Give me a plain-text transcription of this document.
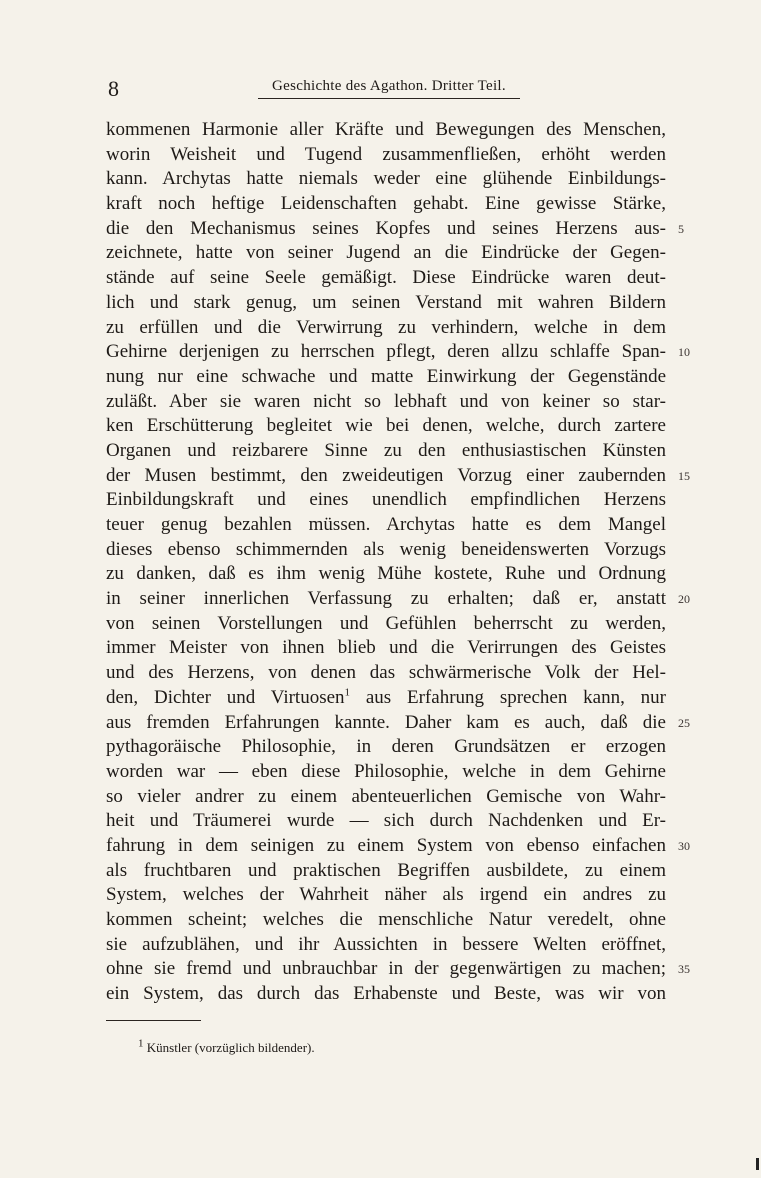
8	Geschichte des Agathon. Dritter Teil.
kommenen Harmonie aller Kräfte und Bewegungen des Menschen,
worin Weisheit und Tugend zusammenfließen, erhöht werden
kann. Archytas hatte niemals weder eine glühende Einbildungs-
kraft noch heftige Leidenschaften gehabt. Eine gewisse Stärke,
die den Mechanismus seines Kopfes und seines Herzens aus- 5
zeichnete, hatte von seiner Jugend an die Eindrücke der Gegen-
stände auf seine Seele gemäßigt. Diese Eindrücke waren deut-
lich und stark genug, um seinen Verstand mit wahren Bildern
zu erfüllen und die Verwirrung zu verhindern, welche in dem
Gehirne derjenigen zu herrschen pflegt, deren allzu schlaffe Span- 10
nung nur eine schwache und matte Einwirkung der Gegenstände
zuläßt. Aber sie waren nicht so lebhaft und von keiner so star-
ken Erschütterung begleitet wie bei denen, welche, durch zartere
Organen und reizbarere Sinne zu den enthusiastischen Künsten
der Musen bestimmt, den zweideutigen Vorzug einer zaubernden 15
Einbildungskraft und eines unendlich empfindlichen Herzens
teuer genug bezahlen müssen. Archytas hatte es dem Mangel
dieses ebenso schimmernden als wenig beneidenswerten Vorzugs
zu danken, daß es ihm wenig Mühe kostete, Ruhe und Ordnung
in seiner innerlichen Verfassung zu erhalten; daß er, anstatt 20
von seinen Vorstellungen und Gefühlen beherrscht zu werden,
immer Meister von ihnen blieb und die Verirrungen des Geistes
und des Herzens, von denen das schwärmerische Volk der Hel-
den, Dichter und Virtuosen$^1$ aus Erfahrung sprechen kann, nur
aus fremden Erfahrungen kannte. Daher kam es auch, daß die 25
pythagoräische Philosophie, in deren Grundsätzen er erzogen
worden war — eben diese Philosophie, welche in dem Gehirne
so vieler andrer zu einem abenteuerlichen Gemische von Wahr-
heit und Träumerei wurde — sich durch Nachdenken und Er-
fahrung in dem seinigen zu einem System von ebenso einfachen 30
als fruchtbaren und praktischen Begriffen ausbildete, zu einem
System, welches der Wahrheit näher als irgend ein andres zu
kommen scheint; welches die menschliche Natur veredelt, ohne
sie aufzublähen, und ihr Aussichten in bessere Welten eröffnet,
ohne sie fremd und unbrauchbar in der gegenwärtigen zu machen; 35
ein System, das durch das Erhabenste und Beste, was wir von
$^1$ Künstler (vorzüglich bildender).
